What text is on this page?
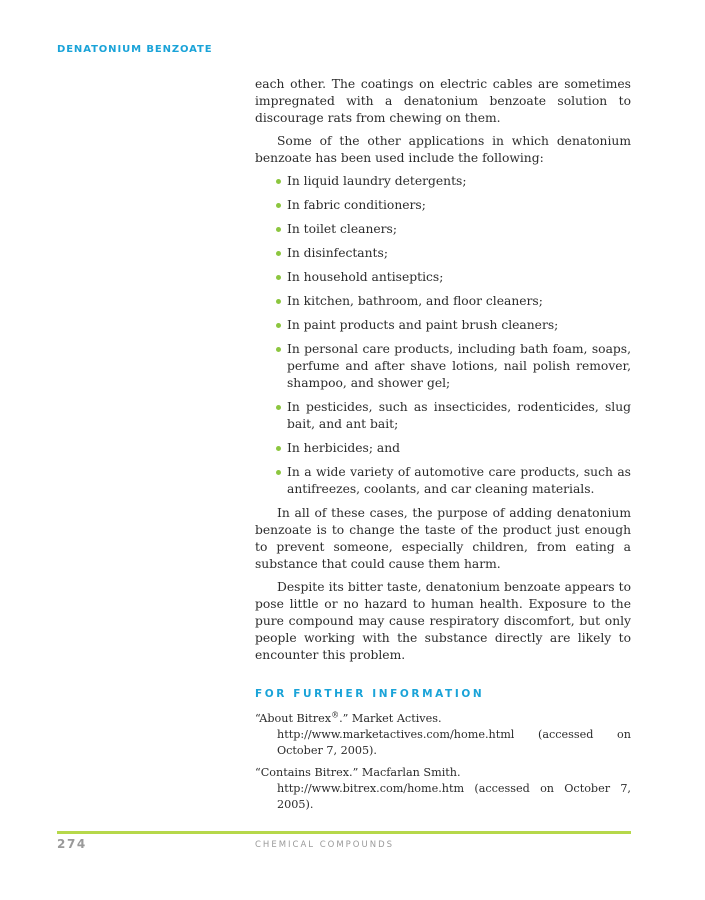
DENATONIUM BENZOATE

each other. The coatings on electric cables are sometimes impregnated with a denatonium benzoate solution to discourage rats from chewing on them.

Some of the other applications in which denatonium benzoate has been used include the following:

In liquid laundry detergents;
In fabric conditioners;
In toilet cleaners;
In disinfectants;
In household antiseptics;
In kitchen, bathroom, and floor cleaners;
In paint products and paint brush cleaners;
In personal care products, including bath foam, soaps, perfume and after shave lotions, nail polish remover, shampoo, and shower gel;
In pesticides, such as insecticides, rodenticides, slug bait, and ant bait;
In herbicides; and
In a wide variety of automotive care products, such as antifreezes, coolants, and car cleaning materials.

In all of these cases, the purpose of adding denatonium benzoate is to change the taste of the product just enough to prevent someone, especially children, from eating a substance that could cause them harm.

Despite its bitter taste, denatonium benzoate appears to pose little or no hazard to human health. Exposure to the pure compound may cause respiratory discomfort, but only people working with the substance directly are likely to encounter this problem.

FOR FURTHER INFORMATION
“About Bitrex®.” Market Actives.
http://www.marketactives.com/home.html (accessed on October 7, 2005).
“Contains Bitrex.” Macfarlan Smith.
http://www.bitrex.com/home.htm (accessed on October 7, 2005).
274	CHEMICAL COMPOUNDS
